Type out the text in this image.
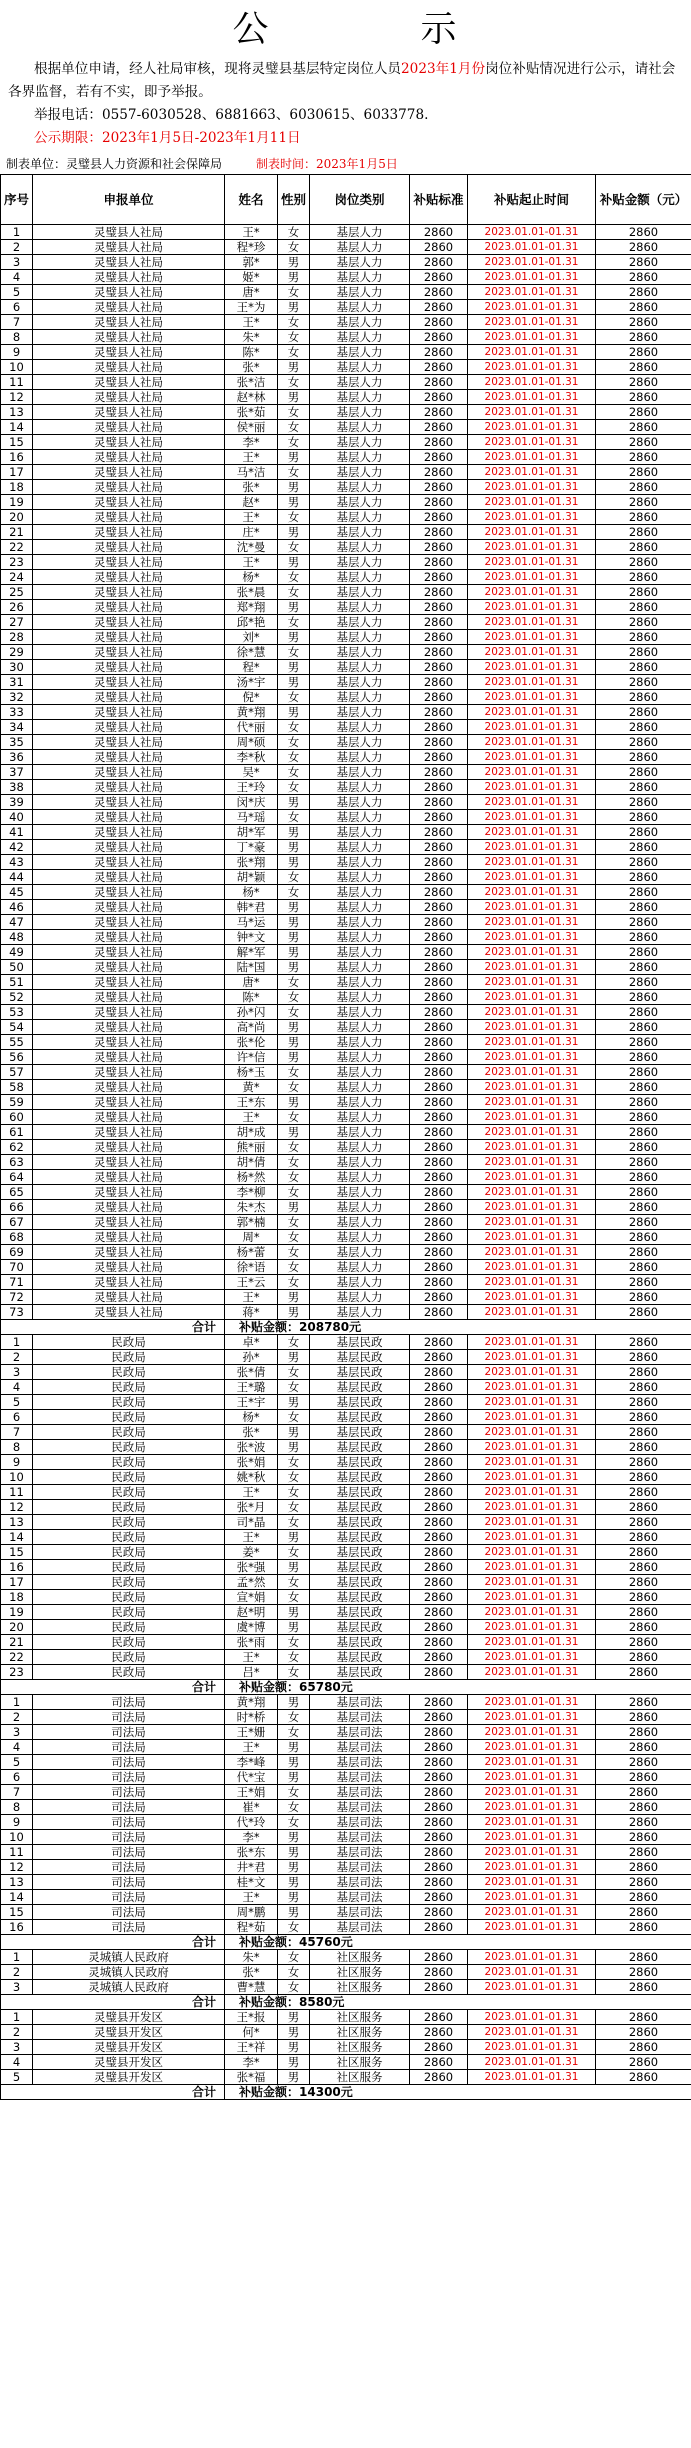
公	示
根据单位申请，经人社局审核，现将灵璧县基层特定岗位人员2023年1月份岗位补贴情况进行公示，请社会各界监督，若有不实，即予举报。
举报电话：0557-6030528、6881663、6030615、6033778.
公示期限：2023年1月5日-2023年1月11日
制表单位：灵璧县人力资源和社会保障局	制表时间：2023年1月5日
序号	申报单位	姓名	性别	岗位类别	补贴标准	补贴起止时间	补贴金额（元）
1	灵璧县人社局	王*	女	基层人力	2860	2023.01.01-01.31	2860
2	灵璧县人社局	程*珍	女	基层人力	2860	2023.01.01-01.31	2860
3	灵璧县人社局	郭*	男	基层人力	2860	2023.01.01-01.31	2860
4	灵璧县人社局	姬*	男	基层人力	2860	2023.01.01-01.31	2860
5	灵璧县人社局	唐*	女	基层人力	2860	2023.01.01-01.31	2860
6	灵璧县人社局	王*为	男	基层人力	2860	2023.01.01-01.31	2860
7	灵璧县人社局	王*	女	基层人力	2860	2023.01.01-01.31	2860
8	灵璧县人社局	朱*	女	基层人力	2860	2023.01.01-01.31	2860
9	灵璧县人社局	陈*	女	基层人力	2860	2023.01.01-01.31	2860
10	灵璧县人社局	张*	男	基层人力	2860	2023.01.01-01.31	2860
11	灵璧县人社局	张*洁	女	基层人力	2860	2023.01.01-01.31	2860
12	灵璧县人社局	赵*林	男	基层人力	2860	2023.01.01-01.31	2860
13	灵璧县人社局	张*茹	女	基层人力	2860	2023.01.01-01.31	2860
14	灵璧县人社局	侯*丽	女	基层人力	2860	2023.01.01-01.31	2860
15	灵璧县人社局	李*	女	基层人力	2860	2023.01.01-01.31	2860
16	灵璧县人社局	王*	男	基层人力	2860	2023.01.01-01.31	2860
17	灵璧县人社局	马*洁	女	基层人力	2860	2023.01.01-01.31	2860
18	灵璧县人社局	张*	男	基层人力	2860	2023.01.01-01.31	2860
19	灵璧县人社局	赵*	男	基层人力	2860	2023.01.01-01.31	2860
20	灵璧县人社局	王*	女	基层人力	2860	2023.01.01-01.31	2860
21	灵璧县人社局	庄*	男	基层人力	2860	2023.01.01-01.31	2860
22	灵璧县人社局	沈*曼	女	基层人力	2860	2023.01.01-01.31	2860
23	灵璧县人社局	王*	男	基层人力	2860	2023.01.01-01.31	2860
24	灵璧县人社局	杨*	女	基层人力	2860	2023.01.01-01.31	2860
25	灵璧县人社局	张*晨	女	基层人力	2860	2023.01.01-01.31	2860
26	灵璧县人社局	郑*翔	男	基层人力	2860	2023.01.01-01.31	2860
27	灵璧县人社局	邱*艳	女	基层人力	2860	2023.01.01-01.31	2860
28	灵璧县人社局	刘*	男	基层人力	2860	2023.01.01-01.31	2860
29	灵璧县人社局	徐*慧	女	基层人力	2860	2023.01.01-01.31	2860
30	灵璧县人社局	程*	男	基层人力	2860	2023.01.01-01.31	2860
31	灵璧县人社局	汤*宇	男	基层人力	2860	2023.01.01-01.31	2860
32	灵璧县人社局	倪*	女	基层人力	2860	2023.01.01-01.31	2860
33	灵璧县人社局	黄*翔	男	基层人力	2860	2023.01.01-01.31	2860
34	灵璧县人社局	代*丽	女	基层人力	2860	2023.01.01-01.31	2860
35	灵璧县人社局	周*硕	女	基层人力	2860	2023.01.01-01.31	2860
36	灵璧县人社局	李*秋	女	基层人力	2860	2023.01.01-01.31	2860
37	灵璧县人社局	吴*	女	基层人力	2860	2023.01.01-01.31	2860
38	灵璧县人社局	王*玲	女	基层人力	2860	2023.01.01-01.31	2860
39	灵璧县人社局	闵*庆	男	基层人力	2860	2023.01.01-01.31	2860
40	灵璧县人社局	马*瑶	女	基层人力	2860	2023.01.01-01.31	2860
41	灵璧县人社局	胡*军	男	基层人力	2860	2023.01.01-01.31	2860
42	灵璧县人社局	丁*豪	男	基层人力	2860	2023.01.01-01.31	2860
43	灵璧县人社局	张*翔	男	基层人力	2860	2023.01.01-01.31	2860
44	灵璧县人社局	胡*颖	女	基层人力	2860	2023.01.01-01.31	2860
45	灵璧县人社局	杨*	女	基层人力	2860	2023.01.01-01.31	2860
46	灵璧县人社局	韩*君	男	基层人力	2860	2023.01.01-01.31	2860
47	灵璧县人社局	马*运	男	基层人力	2860	2023.01.01-01.31	2860
48	灵璧县人社局	钟*文	男	基层人力	2860	2023.01.01-01.31	2860
49	灵璧县人社局	解*军	男	基层人力	2860	2023.01.01-01.31	2860
50	灵璧县人社局	陆*国	男	基层人力	2860	2023.01.01-01.31	2860
51	灵璧县人社局	唐*	女	基层人力	2860	2023.01.01-01.31	2860
52	灵璧县人社局	陈*	女	基层人力	2860	2023.01.01-01.31	2860
53	灵璧县人社局	孙*闪	女	基层人力	2860	2023.01.01-01.31	2860
54	灵璧县人社局	高*尚	男	基层人力	2860	2023.01.01-01.31	2860
55	灵璧县人社局	张*伦	男	基层人力	2860	2023.01.01-01.31	2860
56	灵璧县人社局	许*信	男	基层人力	2860	2023.01.01-01.31	2860
57	灵璧县人社局	杨*玉	女	基层人力	2860	2023.01.01-01.31	2860
58	灵璧县人社局	黄*	女	基层人力	2860	2023.01.01-01.31	2860
59	灵璧县人社局	王*东	男	基层人力	2860	2023.01.01-01.31	2860
60	灵璧县人社局	王*	女	基层人力	2860	2023.01.01-01.31	2860
61	灵璧县人社局	胡*成	男	基层人力	2860	2023.01.01-01.31	2860
62	灵璧县人社局	熊*丽	女	基层人力	2860	2023.01.01-01.31	2860
63	灵璧县人社局	胡*倩	女	基层人力	2860	2023.01.01-01.31	2860
64	灵璧县人社局	杨*然	女	基层人力	2860	2023.01.01-01.31	2860
65	灵璧县人社局	李*柳	女	基层人力	2860	2023.01.01-01.31	2860
66	灵璧县人社局	朱*杰	男	基层人力	2860	2023.01.01-01.31	2860
67	灵璧县人社局	郭*楠	女	基层人力	2860	2023.01.01-01.31	2860
68	灵璧县人社局	周*	女	基层人力	2860	2023.01.01-01.31	2860
69	灵璧县人社局	杨*蕾	女	基层人力	2860	2023.01.01-01.31	2860
70	灵璧县人社局	徐*语	女	基层人力	2860	2023.01.01-01.31	2860
71	灵璧县人社局	王*云	女	基层人力	2860	2023.01.01-01.31	2860
72	灵璧县人社局	王*	男	基层人力	2860	2023.01.01-01.31	2860
73	灵璧县人社局	蒋*	男	基层人力	2860	2023.01.01-01.31	2860
合计		补贴金额：208780元					
1	民政局	卓*	女	基层民政	2860	2023.01.01-01.31	2860
2	民政局	孙*	男	基层民政	2860	2023.01.01-01.31	2860
3	民政局	张*倩	女	基层民政	2860	2023.01.01-01.31	2860
4	民政局	王*璐	女	基层民政	2860	2023.01.01-01.31	2860
5	民政局	王*宇	男	基层民政	2860	2023.01.01-01.31	2860
6	民政局	杨*	女	基层民政	2860	2023.01.01-01.31	2860
7	民政局	张*	男	基层民政	2860	2023.01.01-01.31	2860
8	民政局	张*波	男	基层民政	2860	2023.01.01-01.31	2860
9	民政局	张*娟	女	基层民政	2860	2023.01.01-01.31	2860
10	民政局	姚*秋	女	基层民政	2860	2023.01.01-01.31	2860
11	民政局	王*	女	基层民政	2860	2023.01.01-01.31	2860
12	民政局	张*月	女	基层民政	2860	2023.01.01-01.31	2860
13	民政局	司*晶	女	基层民政	2860	2023.01.01-01.31	2860
14	民政局	王*	男	基层民政	2860	2023.01.01-01.31	2860
15	民政局	姜*	女	基层民政	2860	2023.01.01-01.31	2860
16	民政局	张*强	男	基层民政	2860	2023.01.01-01.31	2860
17	民政局	孟*然	女	基层民政	2860	2023.01.01-01.31	2860
18	民政局	宣*娟	女	基层民政	2860	2023.01.01-01.31	2860
19	民政局	赵*明	男	基层民政	2860	2023.01.01-01.31	2860
20	民政局	虞*博	男	基层民政	2860	2023.01.01-01.31	2860
21	民政局	张*雨	女	基层民政	2860	2023.01.01-01.31	2860
22	民政局	王*	女	基层民政	2860	2023.01.01-01.31	2860
23	民政局	吕*	女	基层民政	2860	2023.01.01-01.31	2860
合计		补贴金额：65780元					
1	司法局	黄*翔	男	基层司法	2860	2023.01.01-01.31	2860
2	司法局	时*桥	女	基层司法	2860	2023.01.01-01.31	2860
3	司法局	王*姗	女	基层司法	2860	2023.01.01-01.31	2860
4	司法局	王*	男	基层司法	2860	2023.01.01-01.31	2860
5	司法局	李*峰	男	基层司法	2860	2023.01.01-01.31	2860
6	司法局	代*宝	男	基层司法	2860	2023.01.01-01.31	2860
7	司法局	王*娟	女	基层司法	2860	2023.01.01-01.31	2860
8	司法局	崔*	女	基层司法	2860	2023.01.01-01.31	2860
9	司法局	代*玲	女	基层司法	2860	2023.01.01-01.31	2860
10	司法局	李*	男	基层司法	2860	2023.01.01-01.31	2860
11	司法局	张*东	男	基层司法	2860	2023.01.01-01.31	2860
12	司法局	井*君	男	基层司法	2860	2023.01.01-01.31	2860
13	司法局	桂*文	男	基层司法	2860	2023.01.01-01.31	2860
14	司法局	王*	男	基层司法	2860	2023.01.01-01.31	2860
15	司法局	周*鹏	男	基层司法	2860	2023.01.01-01.31	2860
16	司法局	程*茹	女	基层司法	2860	2023.01.01-01.31	2860
合计		补贴金额：45760元					
1	灵城镇人民政府	朱*	女	社区服务	2860	2023.01.01-01.31	2860
2	灵城镇人民政府	张*	女	社区服务	2860	2023.01.01-01.31	2860
3	灵城镇人民政府	曹*慧	女	社区服务	2860	2023.01.01-01.31	2860
合计		补贴金额：8580元					
1	灵璧县开发区	王*报	男	社区服务	2860	2023.01.01-01.31	2860
2	灵璧县开发区	何*	男	社区服务	2860	2023.01.01-01.31	2860
3	灵璧县开发区	王*祥	男	社区服务	2860	2023.01.01-01.31	2860
4	灵璧县开发区	李*	男	社区服务	2860	2023.01.01-01.31	2860
5	灵璧县开发区	张*福	男	社区服务	2860	2023.01.01-01.31	2860
合计		补贴金额：14300元					
